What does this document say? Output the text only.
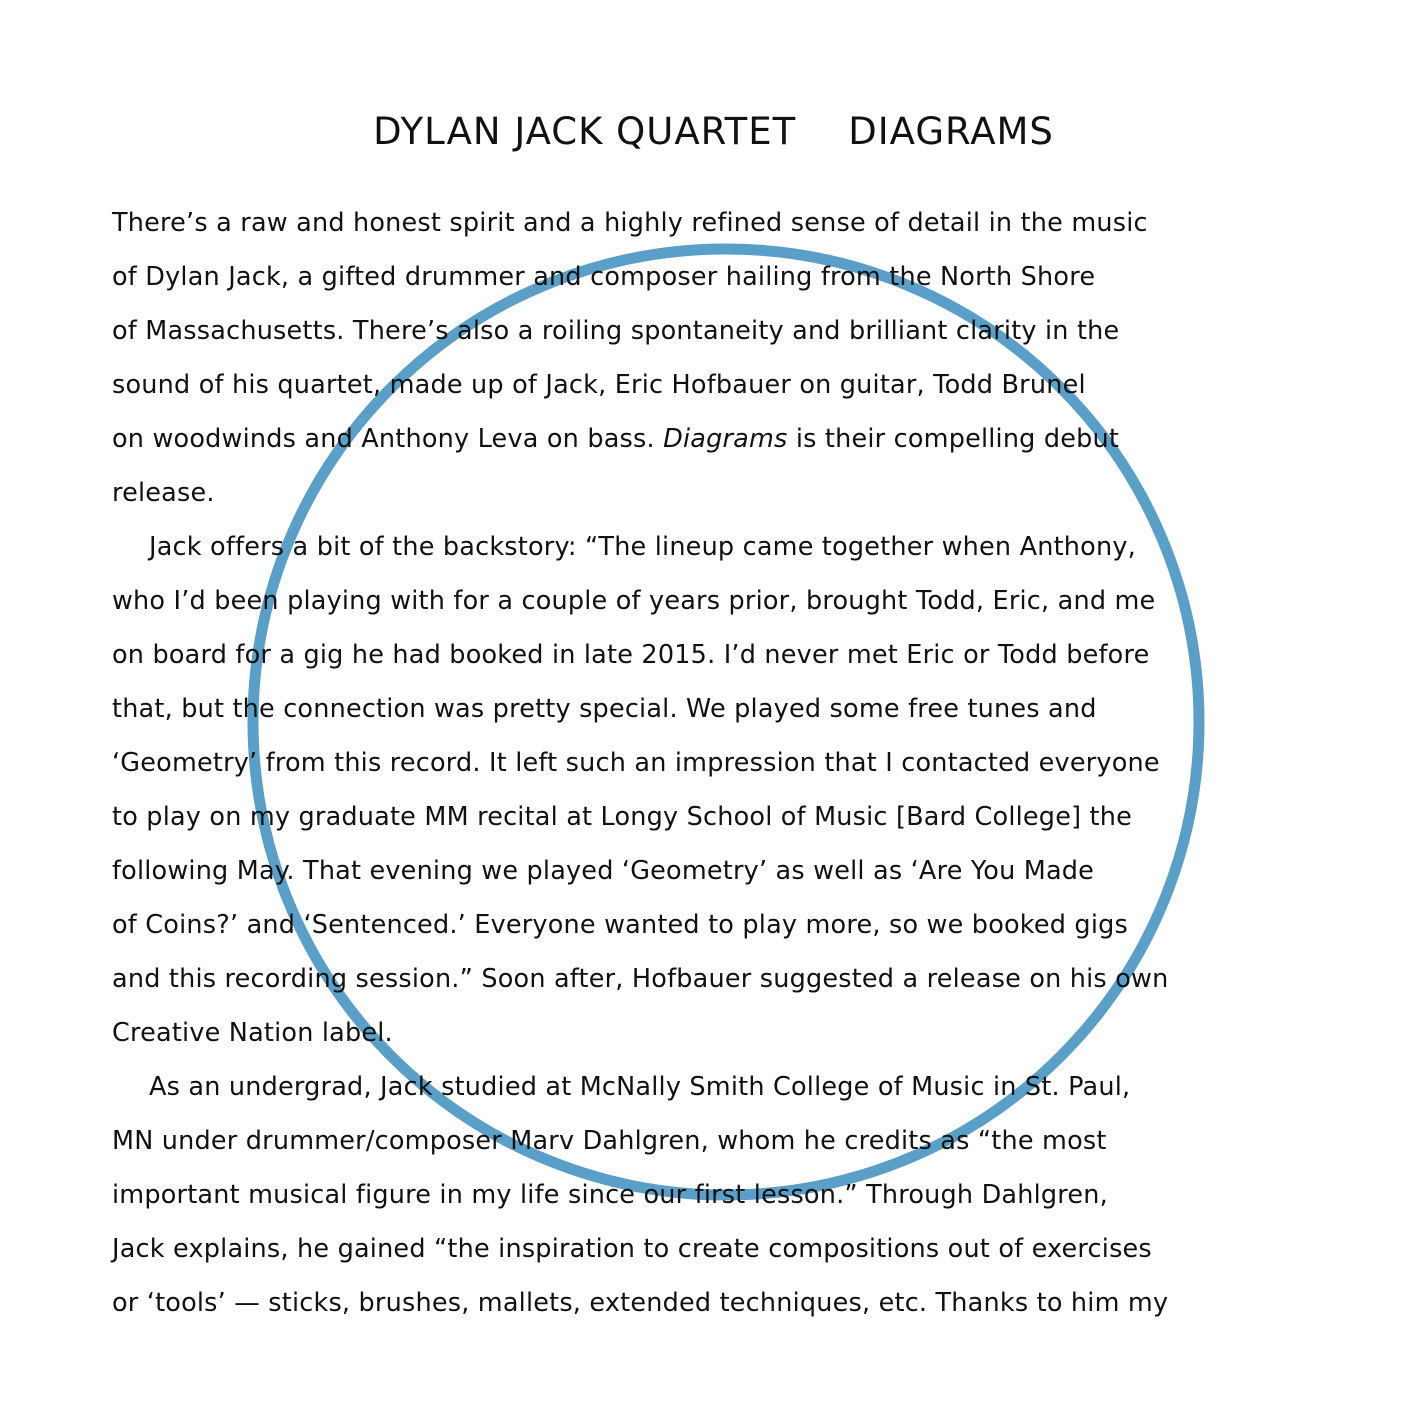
DYLAN JACK QUARTET DIAGRAMS
There’s a raw and honest spirit and a highly refined sense of detail in the music
of Dylan Jack, a gifted drummer and composer hailing from the North Shore
of Massachusetts. There’s also a roiling spontaneity and brilliant clarity in the
sound of his quartet, made up of Jack, Eric Hofbauer on guitar, Todd Brunel
on woodwinds and Anthony Leva on bass. Diagrams is their compelling debut
release.
Jack offers a bit of the backstory: “The lineup came together when Anthony,
who I’d been playing with for a couple of years prior, brought Todd, Eric, and me
on board for a gig he had booked in late 2015. I’d never met Eric or Todd before
that, but the connection was pretty special. We played some free tunes and
‘Geometry’ from this record. It left such an impression that I contacted everyone
to play on my graduate MM recital at Longy School of Music [Bard College] the
following May. That evening we played ‘Geometry’ as well as ‘Are You Made
of Coins?’ and ‘Sentenced.’ Everyone wanted to play more, so we booked gigs
and this recording session.” Soon after, Hofbauer suggested a release on his own
Creative Nation label.
As an undergrad, Jack studied at McNally Smith College of Music in St. Paul,
MN under drummer/composer Marv Dahlgren, whom he credits as “the most
important musical figure in my life since our first lesson.” Through Dahlgren,
Jack explains, he gained “the inspiration to create compositions out of exercises
or ‘tools’ — sticks, brushes, mallets, extended techniques, etc. Thanks to him my
